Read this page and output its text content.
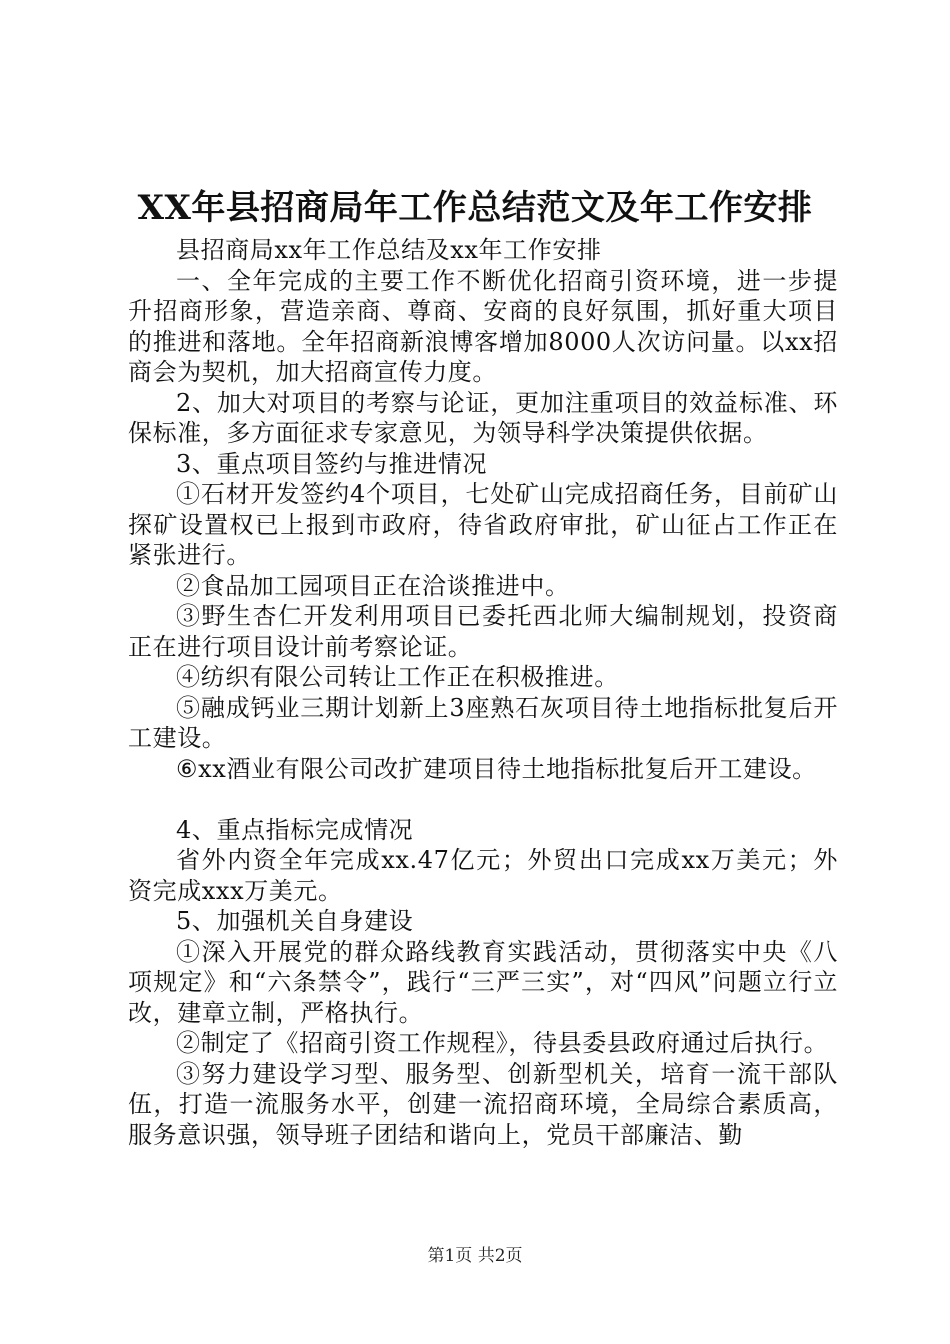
XX年县招商局年工作总结范文及年工作安排

县招商局xx年工作总结及xx年工作安排

一、全年完成的主要工作不断优化招商引资环境，进一步提升招商形象，营造亲商、尊商、安商的良好氛围，抓好重大项目的推进和落地。全年招商新浪博客增加8000人次访问量。以xx招商会为契机，加大招商宣传力度。

2、加大对项目的考察与论证，更加注重项目的效益标准、环保标准，多方面征求专家意见，为领导科学决策提供依据。

3、重点项目签约与推进情况

①石材开发签约4个项目，七处矿山完成招商任务，目前矿山探矿设置权已上报到市政府，待省政府审批，矿山征占工作正在紧张进行。

②食品加工园项目正在洽谈推进中。

③野生杏仁开发利用项目已委托西北师大编制规划，投资商正在进行项目设计前考察论证。

④纺织有限公司转让工作正在积极推进。

⑤融成钙业三期计划新上3座熟石灰项目待土地指标批复后开工建设。

⑥xx酒业有限公司改扩建项目待土地指标批复后开工建设。

4、重点指标完成情况

省外内资全年完成xx.47亿元；外贸出口完成xx万美元；外资完成xxx万美元。

5、加强机关自身建设

①深入开展党的群众路线教育实践活动，贯彻落实中央《八项规定》和“六条禁令”，践行“三严三实”，对“四风”问题立行立改，建章立制，严格执行。

②制定了《招商引资工作规程》，待县委县政府通过后执行。

③努力建设学习型、服务型、创新型机关，培育一流干部队伍，打造一流服务水平，创建一流招商环境，全局综合素质高，服务意识强，领导班子团结和谐向上，党员干部廉洁、勤

第1页 共2页
